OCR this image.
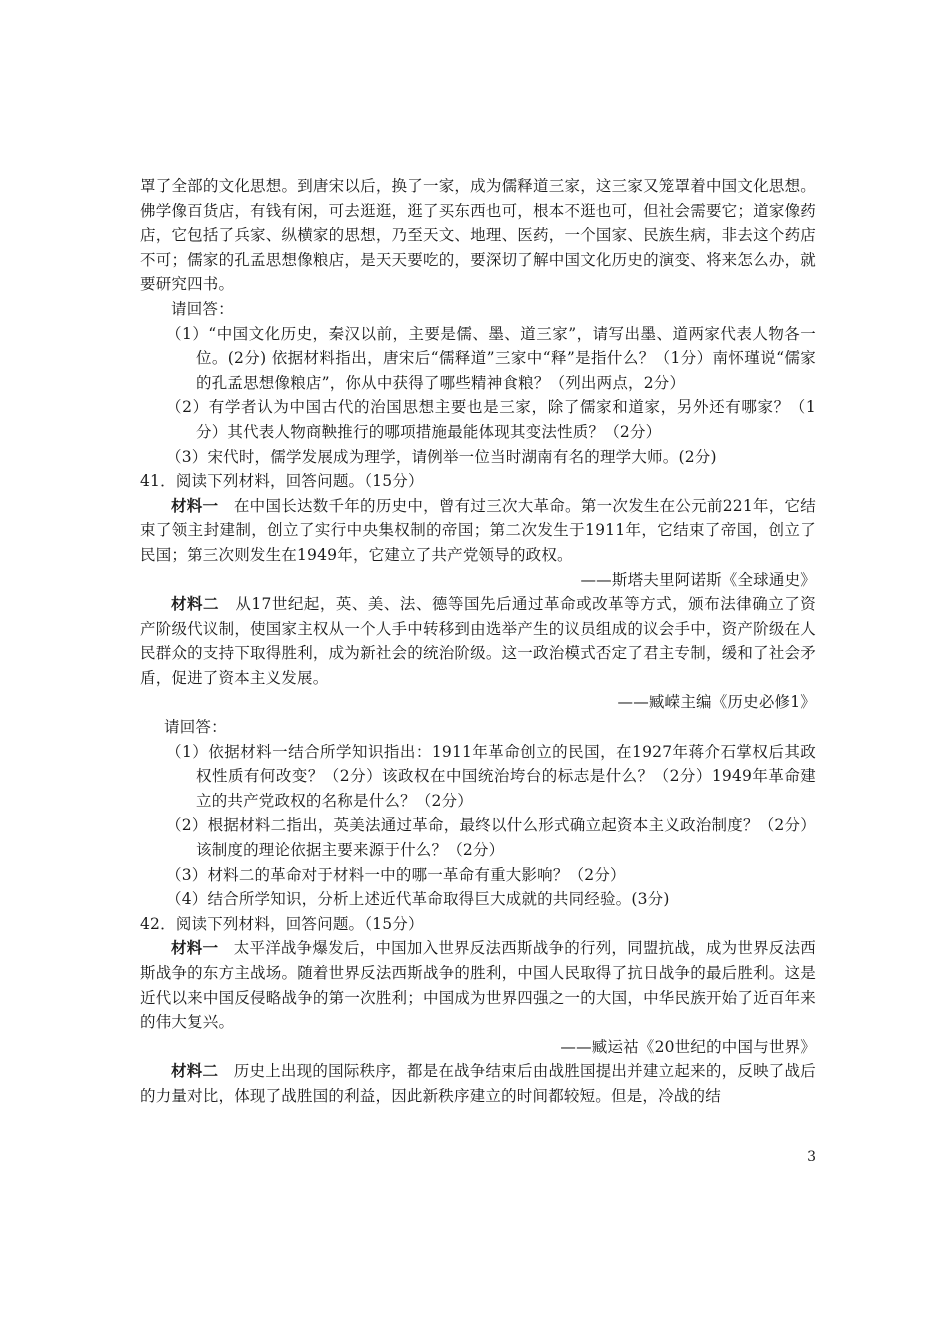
罩了全部的文化思想。到唐宋以后，换了一家，成为儒释道三家，这三家又笼罩着中国文化思想。佛学像百货店，有钱有闲，可去逛逛，逛了买东西也可，根本不逛也可，但社会需要它；道家像药店，它包括了兵家、纵横家的思想，乃至天文、地理、医药，一个国家、民族生病，非去这个药店不可；儒家的孔孟思想像粮店，是天天要吃的，要深切了解中国文化历史的演变、将来怎么办，就要研究四书。

请回答：

（1）“中国文化历史，秦汉以前，主要是儒、墨、道三家”，请写出墨、道两家代表人物各一位。(2分) 依据材料指出，唐宋后“儒释道”三家中“释”是指什么？（1分）南怀瑾说“儒家的孔孟思想像粮店”，你从中获得了哪些精神食粮？（列出两点，2分）

（2）有学者认为中国古代的治国思想主要也是三家，除了儒家和道家，另外还有哪家？（1分）其代表人物商鞅推行的哪项措施最能体现其变法性质？（2分）

（3）宋代时，儒学发展成为理学，请例举一位当时湖南有名的理学大师。(2分)

41．阅读下列材料，回答问题。（15分）

材料一 在中国长达数千年的历史中，曾有过三次大革命。第一次发生在公元前221年，它结束了领主封建制，创立了实行中央集权制的帝国；第二次发生于1911年，它结束了帝国，创立了民国；第三次则发生在1949年，它建立了共产党领导的政权。

——斯塔夫里阿诺斯《全球通史》

材料二 从17世纪起，英、美、法、德等国先后通过革命或改革等方式，颁布法律确立了资产阶级代议制，使国家主权从一个人手中转移到由选举产生的议员组成的议会手中，资产阶级在人民群众的支持下取得胜利，成为新社会的统治阶级。这一政治模式否定了君主专制，缓和了社会矛盾，促进了资本主义发展。

——臧嵘主编《历史必修1》

请回答：

（1）依据材料一结合所学知识指出：1911年革命创立的民国，在1927年蒋介石掌权后其政权性质有何改变？（2分）该政权在中国统治垮台的标志是什么？（2分）1949年革命建立的共产党政权的名称是什么？（2分）

（2）根据材料二指出，英美法通过革命，最终以什么形式确立起资本主义政治制度？（2分）该制度的理论依据主要来源于什么？（2分）

（3）材料二的革命对于材料一中的哪一革命有重大影响？（2分）

（4）结合所学知识，分析上述近代革命取得巨大成就的共同经验。(3分)

42．阅读下列材料，回答问题。（15分）

材料一 太平洋战争爆发后，中国加入世界反法西斯战争的行列，同盟抗战，成为世界反法西斯战争的东方主战场。随着世界反法西斯战争的胜利，中国人民取得了抗日战争的最后胜利。这是近代以来中国反侵略战争的第一次胜利；中国成为世界四强之一的大国，中华民族开始了近百年来的伟大复兴。

——臧运祜《20世纪的中国与世界》

材料二 历史上出现的国际秩序，都是在战争结束后由战胜国提出并建立起来的，反映了战后的力量对比，体现了战胜国的利益，因此新秩序建立的时间都较短。但是，冷战的结

3
